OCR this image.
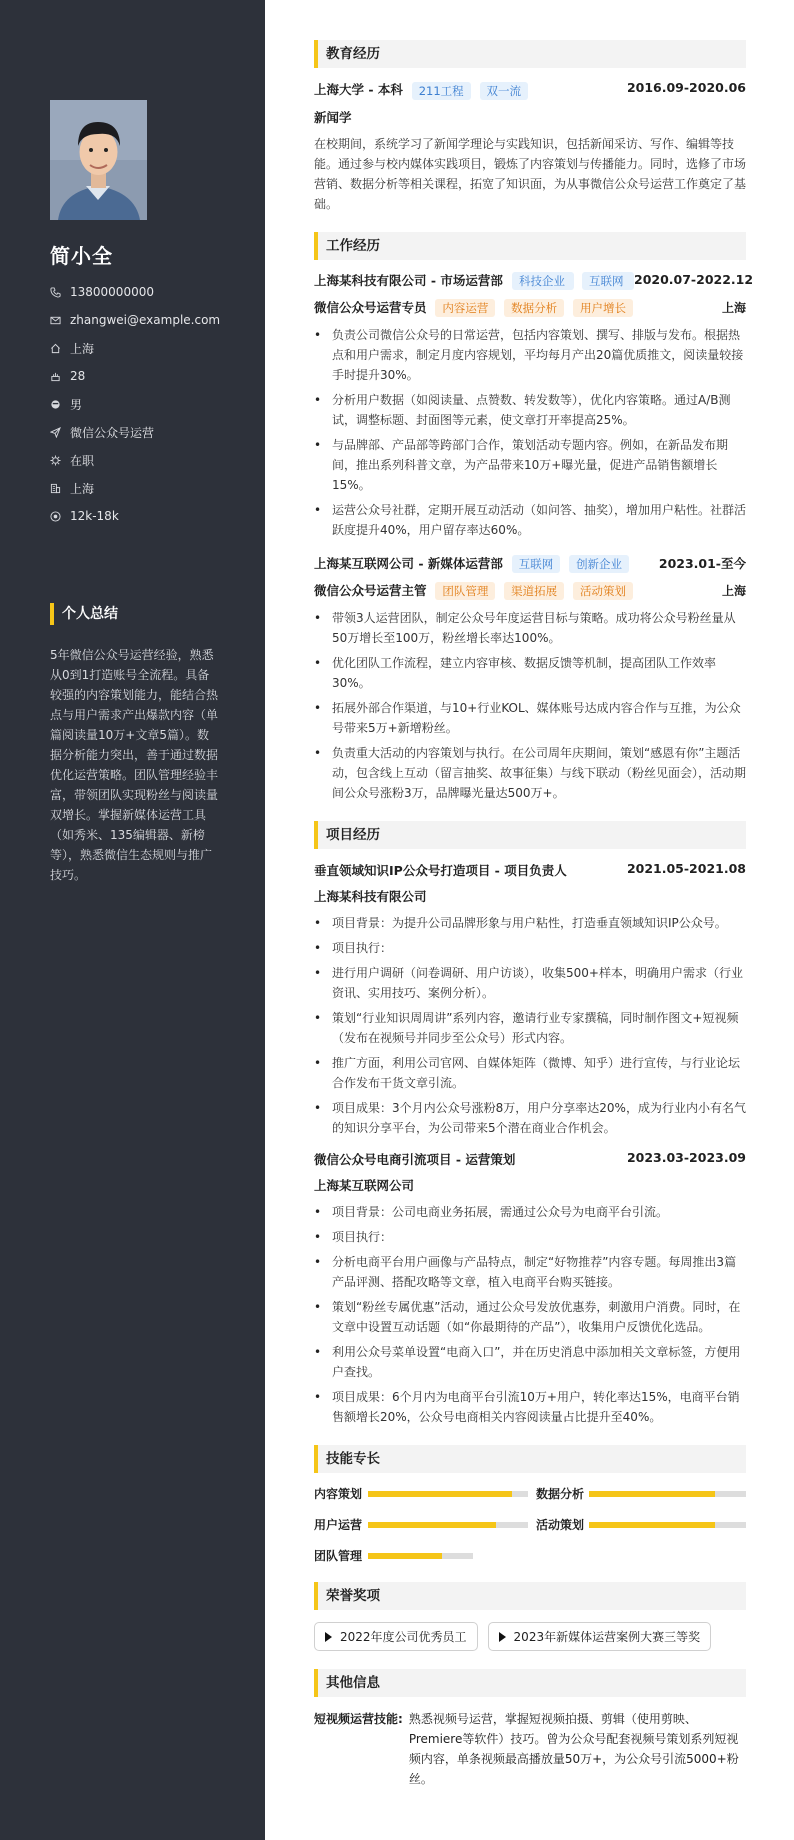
简小全
13800000000
zhangwei@example.com
上海
28
男
微信公众号运营
在职
上海
12k-18k
个人总结
5年微信公众号运营经验，熟悉从0到1打造账号全流程。具备较强的内容策划能力，能结合热点与用户需求产出爆款内容（单篇阅读量10万+文章5篇）。数据分析能力突出，善于通过数据优化运营策略。团队管理经验丰富，带领团队实现粉丝与阅读量双增长。掌握新媒体运营工具（如秀米、135编辑器、新榜等），熟悉微信生态规则与推广技巧。
教育经历
上海大学 - 本科 211工程 双一流	2016.09-2020.06
新闻学
在校期间，系统学习了新闻学理论与实践知识，包括新闻采访、写作、编辑等技能。通过参与校内媒体实践项目，锻炼了内容策划与传播能力。同时，选修了市场营销、数据分析等相关课程，拓宽了知识面，为从事微信公众号运营工作奠定了基础。
工作经历
上海某科技有限公司 - 市场运营部	科技企业	互联网 2020.07-2022.12
微信公众号运营专员 内容运营 数据分析 用户增长	上海
• 负责公司微信公众号的日常运营，包括内容策划、撰写、排版与发布。根据热点和用户需求，制定月度内容规划，平均每月产出20篇优质推文，阅读量较接手时提升30%。
• 分析用户数据（如阅读量、点赞数、转发数等），优化内容策略。通过A/B测试，调整标题、封面图等元素，使文章打开率提高25%。
• 与品牌部、产品部等跨部门合作，策划活动专题内容。例如，在新品发布期间，推出系列科普文章，为产品带来10万+曝光量，促进产品销售额增长15%。
• 运营公众号社群，定期开展互动活动（如问答、抽奖），增加用户粘性。社群活跃度提升40%，用户留存率达60%。
上海某互联网公司 - 新媒体运营部 互联网 创新企业	2023.01-至今
微信公众号运营主管 团队管理 渠道拓展 活动策划	上海
• 带领3人运营团队，制定公众号年度运营目标与策略。成功将公众号粉丝量从50万增长至100万，粉丝增长率达100%。
• 优化团队工作流程，建立内容审核、数据反馈等机制，提高团队工作效率30%。
• 拓展外部合作渠道，与10+行业KOL、媒体账号达成内容合作与互推，为公众号带来5万+新增粉丝。
• 负责重大活动的内容策划与执行。在公司周年庆期间，策划“感恩有你”主题活动，包含线上互动（留言抽奖、故事征集）与线下联动（粉丝见面会），活动期间公众号涨粉3万，品牌曝光量达500万+。
项目经历
垂直领域知识IP公众号打造项目 - 项目负责人	2021.05-2021.08
上海某科技有限公司
• 项目背景：为提升公司品牌形象与用户粘性，打造垂直领域知识IP公众号。
• 项目执行：
• 进行用户调研（问卷调研、用户访谈），收集500+样本，明确用户需求（行业资讯、实用技巧、案例分析）。
• 策划“行业知识周周讲”系列内容，邀请行业专家撰稿，同时制作图文+短视频（发布在视频号并同步至公众号）形式内容。
• 推广方面，利用公司官网、自媒体矩阵（微博、知乎）进行宣传，与行业论坛合作发布干货文章引流。
• 项目成果：3个月内公众号涨粉8万，用户分享率达20%，成为行业内小有名气的知识分享平台，为公司带来5个潜在商业合作机会。
微信公众号电商引流项目 - 运营策划	2023.03-2023.09
上海某互联网公司
• 项目背景：公司电商业务拓展，需通过公众号为电商平台引流。
• 项目执行：
• 分析电商平台用户画像与产品特点，制定“好物推荐”内容专题。每周推出3篇产品评测、搭配攻略等文章，植入电商平台购买链接。
• 策划“粉丝专属优惠”活动，通过公众号发放优惠券，刺激用户消费。同时，在文章中设置互动话题（如“你最期待的产品”），收集用户反馈优化选品。
• 利用公众号菜单设置“电商入口”，并在历史消息中添加相关文章标签，方便用户查找。
• 项目成果：6个月内为电商平台引流10万+用户，转化率达15%，电商平台销售额增长20%，公众号电商相关内容阅读量占比提升至40%。
技能专长
内容策划	数据分析
用户运营	活动策划
团队管理
荣誉奖项
2022年度公司优秀员工	2023年新媒体运营案例大赛三等奖
其他信息
短视频运营技能: 熟悉视频号运营，掌握短视频拍摄、剪辑（使用剪映、Premiere等软件）技巧。曾为公众号配套视频号策划系列短视频内容，单条视频最高播放量50万+，为公众号引流5000+粉丝。
